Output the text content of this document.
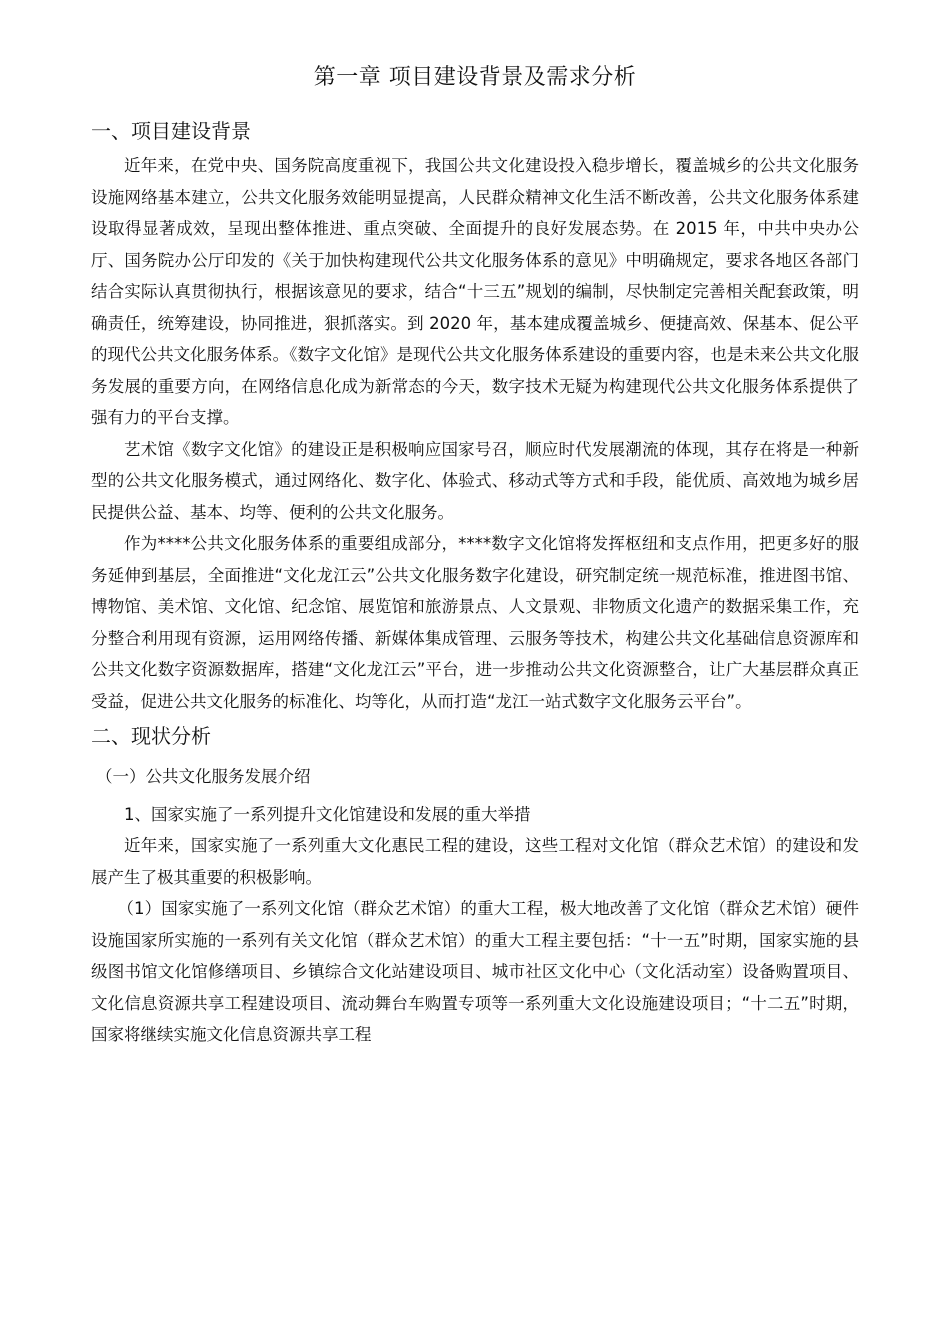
第一章 项目建设背景及需求分析
一、项目建设背景

近年来，在党中央、国务院高度重视下，我国公共文化建设投入稳步增长，覆盖城乡的公共文化服务设施网络基本建立，公共文化服务效能明显提高，人民群众精神文化生活不断改善，公共文化服务体系建设取得显著成效，呈现出整体推进、重点突破、全面提升的良好发展态势。在 2015 年，中共中央办公厅、国务院办公厅印发的《关于加快构建现代公共文化服务体系的意见》中明确规定，要求各地区各部门结合实际认真贯彻执行，根据该意见的要求，结合“十三五”规划的编制，尽快制定完善相关配套政策，明确责任，统筹建设，协同推进，狠抓落实。到 2020 年，基本建成覆盖城乡、便捷高效、保基本、促公平的现代公共文化服务体系。《数字文化馆》是现代公共文化服务体系建设的重要内容，也是未来公共文化服务发展的重要方向，在网络信息化成为新常态的今天，数字技术无疑为构建现代公共文化服务体系提供了强有力的平台支撑。

艺术馆《数字文化馆》的建设正是积极响应国家号召，顺应时代发展潮流的体现，其存在将是一种新型的公共文化服务模式，通过网络化、数字化、体验式、移动式等方式和手段，能优质、高效地为城乡居民提供公益、基本、均等、便利的公共文化服务。

作为****公共文化服务体系的重要组成部分，****数字文化馆将发挥枢纽和支点作用，把更多好的服务延伸到基层，全面推进“文化龙江云”公共文化服务数字化建设，研究制定统一规范标准，推进图书馆、博物馆、美术馆、文化馆、纪念馆、展览馆和旅游景点、人文景观、非物质文化遗产的数据采集工作，充分整合利用现有资源，运用网络传播、新媒体集成管理、云服务等技术，构建公共文化基础信息资源库和公共文化数字资源数据库，搭建“文化龙江云”平台，进一步推动公共文化资源整合，让广大基层群众真正受益，促进公共文化服务的标准化、均等化，从而打造“龙江一站式数字文化服务云平台”。

二、现状分析
（一）公共文化服务发展介绍
1、国家实施了一系列提升文化馆建设和发展的重大举措

近年来，国家实施了一系列重大文化惠民工程的建设，这些工程对文化馆（群众艺术馆）的建设和发展产生了极其重要的积极影响。

（1）国家实施了一系列文化馆（群众艺术馆）的重大工程，极大地改善了文化馆（群众艺术馆）硬件设施国家所实施的一系列有关文化馆（群众艺术馆）的重大工程主要包括：“十一五”时期，国家实施的县级图书馆文化馆修缮项目、乡镇综合文化站建设项目、城市社区文化中心（文化活动室）设备购置项目、文化信息资源共享工程建设项目、流动舞台车购置专项等一系列重大文化设施建设项目；“十二五”时期，国家将继续实施文化信息资源共享工程
